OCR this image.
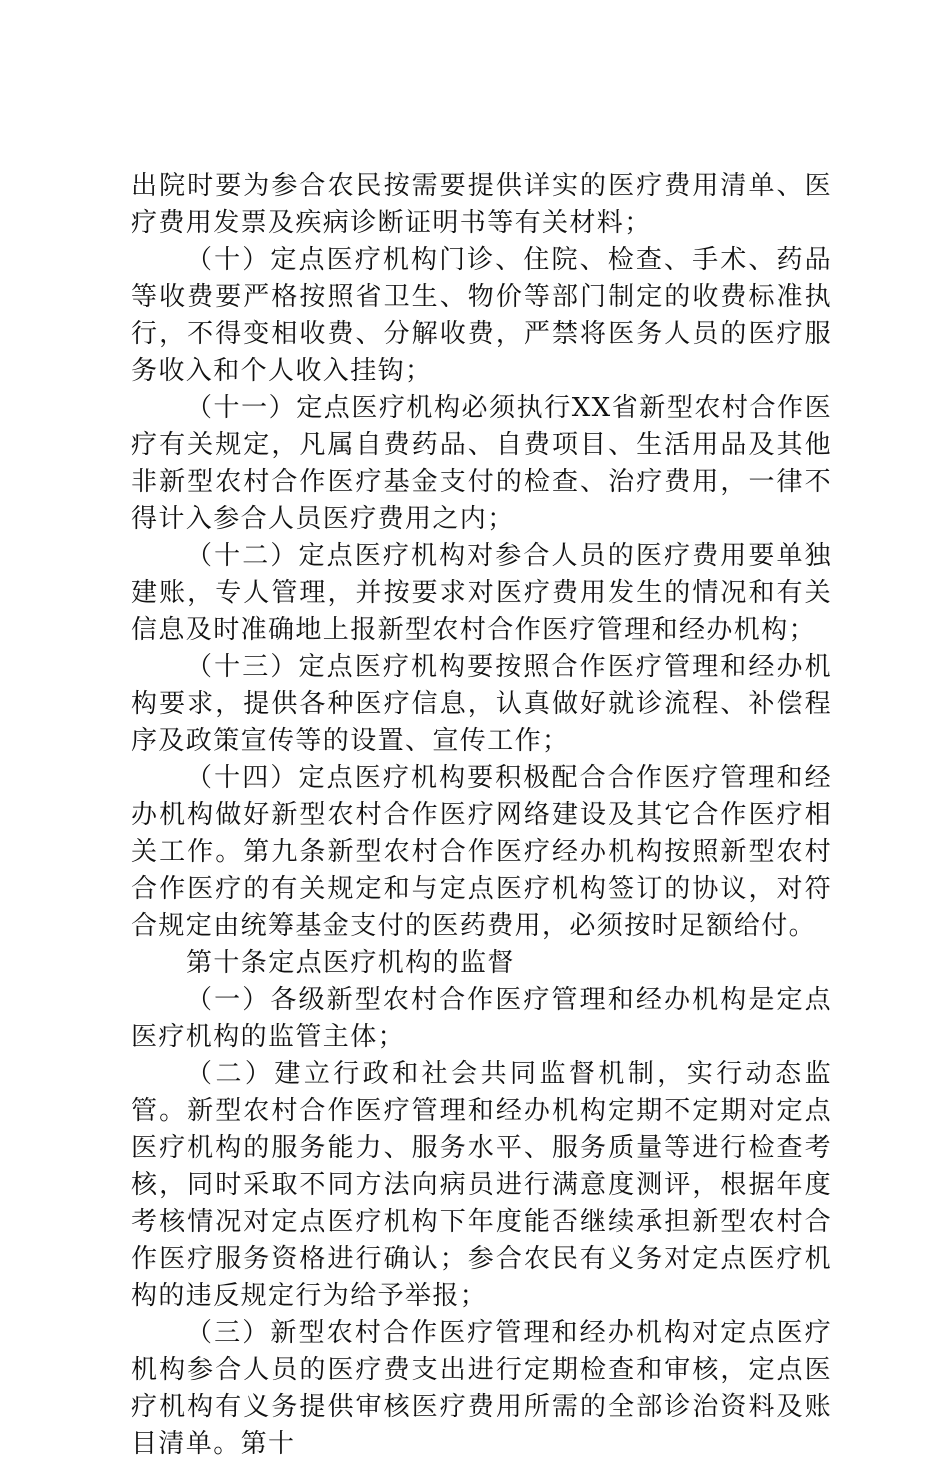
出院时要为参合农民按需要提供详实的医疗费用清单、医疗费用发票及疾病诊断证明书等有关材料；

（十）定点医疗机构门诊、住院、检查、手术、药品等收费要严格按照省卫生、物价等部门制定的收费标准执行，不得变相收费、分解收费，严禁将医务人员的医疗服务收入和个人收入挂钩；

（十一）定点医疗机构必须执行XX省新型农村合作医疗有关规定，凡属自费药品、自费项目、生活用品及其他非新型农村合作医疗基金支付的检查、治疗费用，一律不得计入参合人员医疗费用之内；

（十二）定点医疗机构对参合人员的医疗费用要单独建账，专人管理，并按要求对医疗费用发生的情况和有关信息及时准确地上报新型农村合作医疗管理和经办机构；

（十三）定点医疗机构要按照合作医疗管理和经办机构要求，提供各种医疗信息，认真做好就诊流程、补偿程序及政策宣传等的设置、宣传工作；

（十四）定点医疗机构要积极配合合作医疗管理和经办机构做好新型农村合作医疗网络建设及其它合作医疗相关工作。第九条新型农村合作医疗经办机构按照新型农村合作医疗的有关规定和与定点医疗机构签订的协议，对符合规定由统筹基金支付的医药费用，必须按时足额给付。

第十条定点医疗机构的监督

（一）各级新型农村合作医疗管理和经办机构是定点医疗机构的监管主体；

（二）建立行政和社会共同监督机制，实行动态监管。新型农村合作医疗管理和经办机构定期不定期对定点医疗机构的服务能力、服务水平、服务质量等进行检查考核，同时采取不同方法向病员进行满意度测评，根据年度考核情况对定点医疗机构下年度能否继续承担新型农村合作医疗服务资格进行确认；参合农民有义务对定点医疗机构的违反规定行为给予举报；

（三）新型农村合作医疗管理和经办机构对定点医疗机构参合人员的医疗费支出进行定期检查和审核，定点医疗机构有义务提供审核医疗费用所需的全部诊治资料及账目清单。第十
